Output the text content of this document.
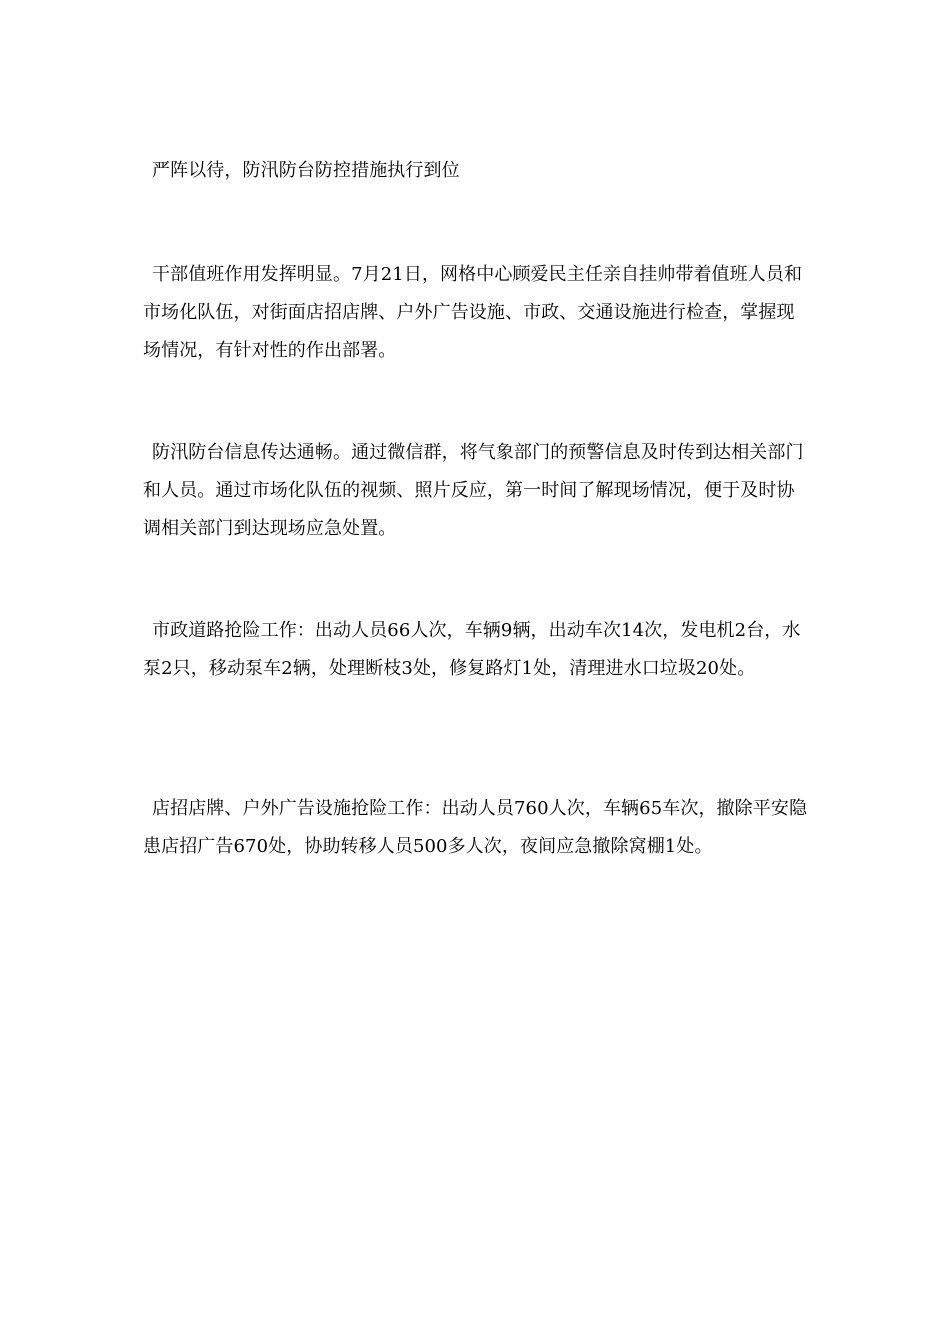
严阵以待，防汛防台防控措施执行到位

干部值班作用发挥明显。7月21日，网格中心顾爱民主任亲自挂帅带着值班人员和市场化队伍，对街面店招店牌、户外广告设施、市政、交通设施进行检查，掌握现场情况，有针对性的作出部署。

防汛防台信息传达通畅。通过微信群，将气象部门的预警信息及时传到达相关部门和人员。通过市场化队伍的视频、照片反应，第一时间了解现场情况，便于及时协调相关部门到达现场应急处置。

市政道路抢险工作：出动人员66人次，车辆9辆，出动车次14次，发电机2台，水泵2只，移动泵车2辆，处理断枝3处，修复路灯1处，清理进水口垃圾20处。

店招店牌、户外广告设施抢险工作：出动人员760人次，车辆65车次，撤除平安隐患店招广告670处，协助转移人员500多人次，夜间应急撤除窝棚1处。
